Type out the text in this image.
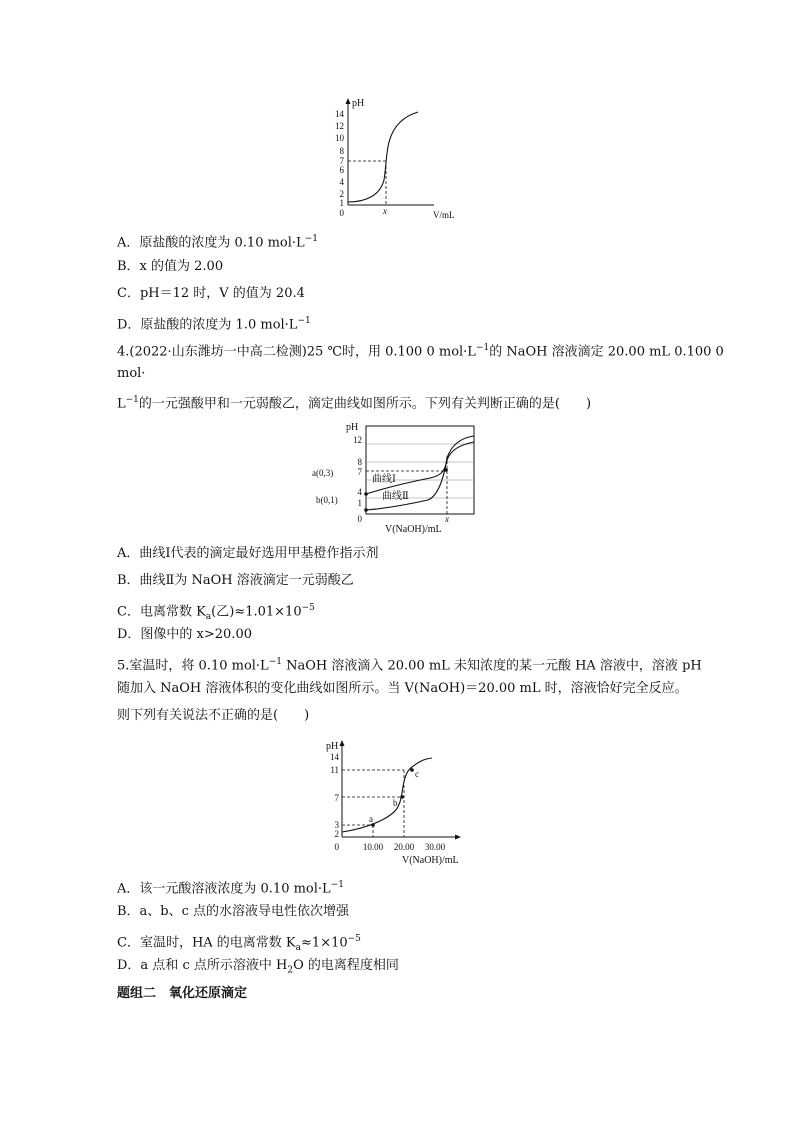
pH
14
12
10
8
7
6
4
2
1
0	x	V/mL
A．原盐酸的浓度为 0.10 $mol\cdot L^{-1}$
B．x 的值为 2.00
C．pH＝12 时，V 的值为 20.4
D．原盐酸的浓度为 1.0 $mol\cdot L^{-1}$
4.(2022·山东潍坊一中高二检测)25 ℃时，用 0.100 0 $mol\cdot L^{-1}$的 NaOH 溶液滴定 20.00 mL 0.100 0
mol·
$L^{-1}$的一元强酸甲和一元弱酸乙，滴定曲线如图所示。下列有关判断正确的是(　　)
pH
12
8
7
4
1
0
a(0,3)
b(0,1)
曲线Ⅰ
曲线Ⅱ
x
V(NaOH)/mL
A．曲线Ⅰ代表的滴定最好选用甲基橙作指示剂
B．曲线Ⅱ为 NaOH 溶液滴定一元弱酸乙
C．电离常数 $K_a$(乙)$\approx 1.01\times 10^{-5}$
D．图像中的 x>20.00
5.室温时，将 0.10 $mol\cdot L^{-1}$ NaOH 溶液滴入 20.00 mL 未知浓度的某一元酸 HA 溶液中，溶液 pH
随加入 NaOH 溶液体积的变化曲线如图所示。当 V(NaOH)＝20.00 mL 时，溶液恰好完全反应。
则下列有关说法不正确的是(　　)
pH
14
11
7
3
2
0
a
b
c
10.00 20.00 30.00
V(NaOH)/mL
A．该一元酸溶液浓度为 0.10 $mol\cdot L^{-1}$
B．a、b、c 点的水溶液导电性依次增强
C．室温时，HA 的电离常数 $K_a\approx 1\times 10^{-5}$
D．a 点和 c 点所示溶液中 $H_2O$ 的电离程度相同
题组二　氧化还原滴定
